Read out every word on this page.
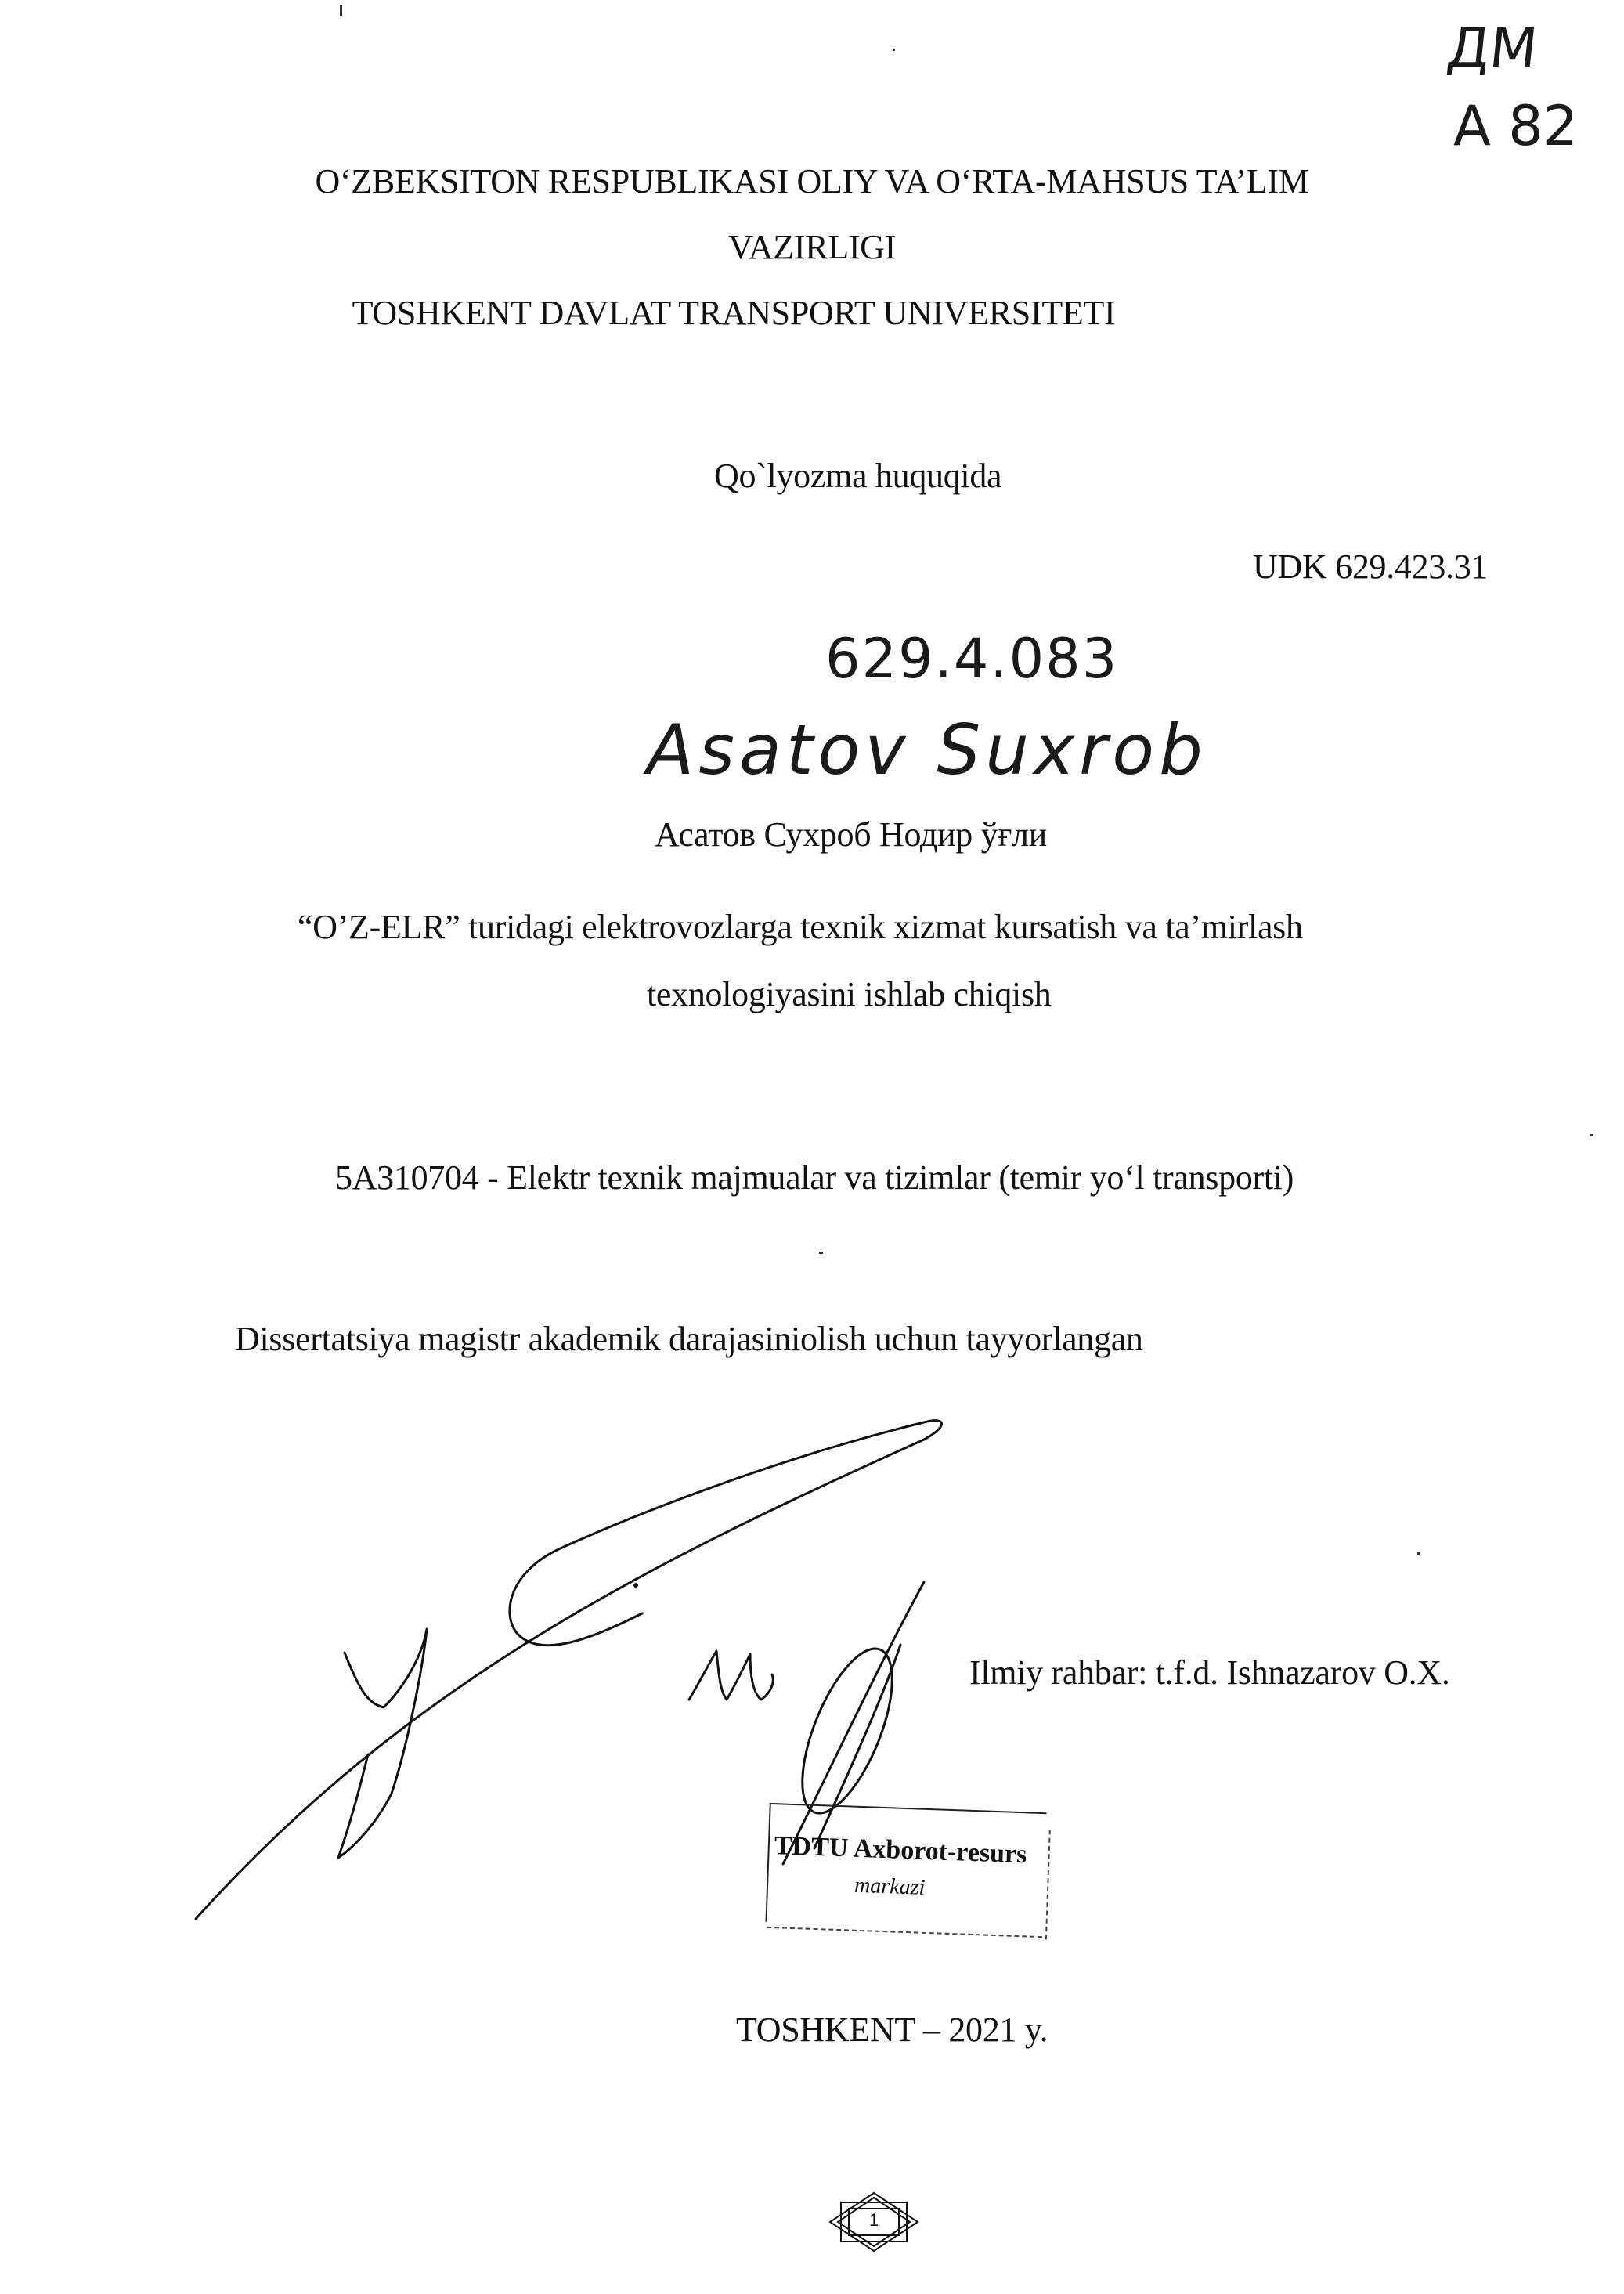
ДМ
А 82
O‘ZBEKSITON RESPUBLIKASI OLIY VA O‘RTA-MAHSUS TA’LIM
VAZIRLIGI
TOSHKENT DAVLAT TRANSPORT UNIVERSITETI
Qo`lyozma huquqida
UDK 629.423.31
629.4.083
Asatov Suxrob
Асатов Сухроб Нодир ўғли
“O’Z-ELR” turidagi elektrovozlarga texnik xizmat kursatish va ta’mirlash
texnologiyasini ishlab chiqish
5A310704 - Elektr texnik majmualar va tizimlar (temir yo‘l transporti)
Dissertatsiya magistr akademik darajasiniolish uchun tayyorlangan
Ilmiy rahbar: t.f.d. Ishnazarov O.X.
TDTU Axborot-resurs
markazi
TOSHKENT – 2021 y.
1
